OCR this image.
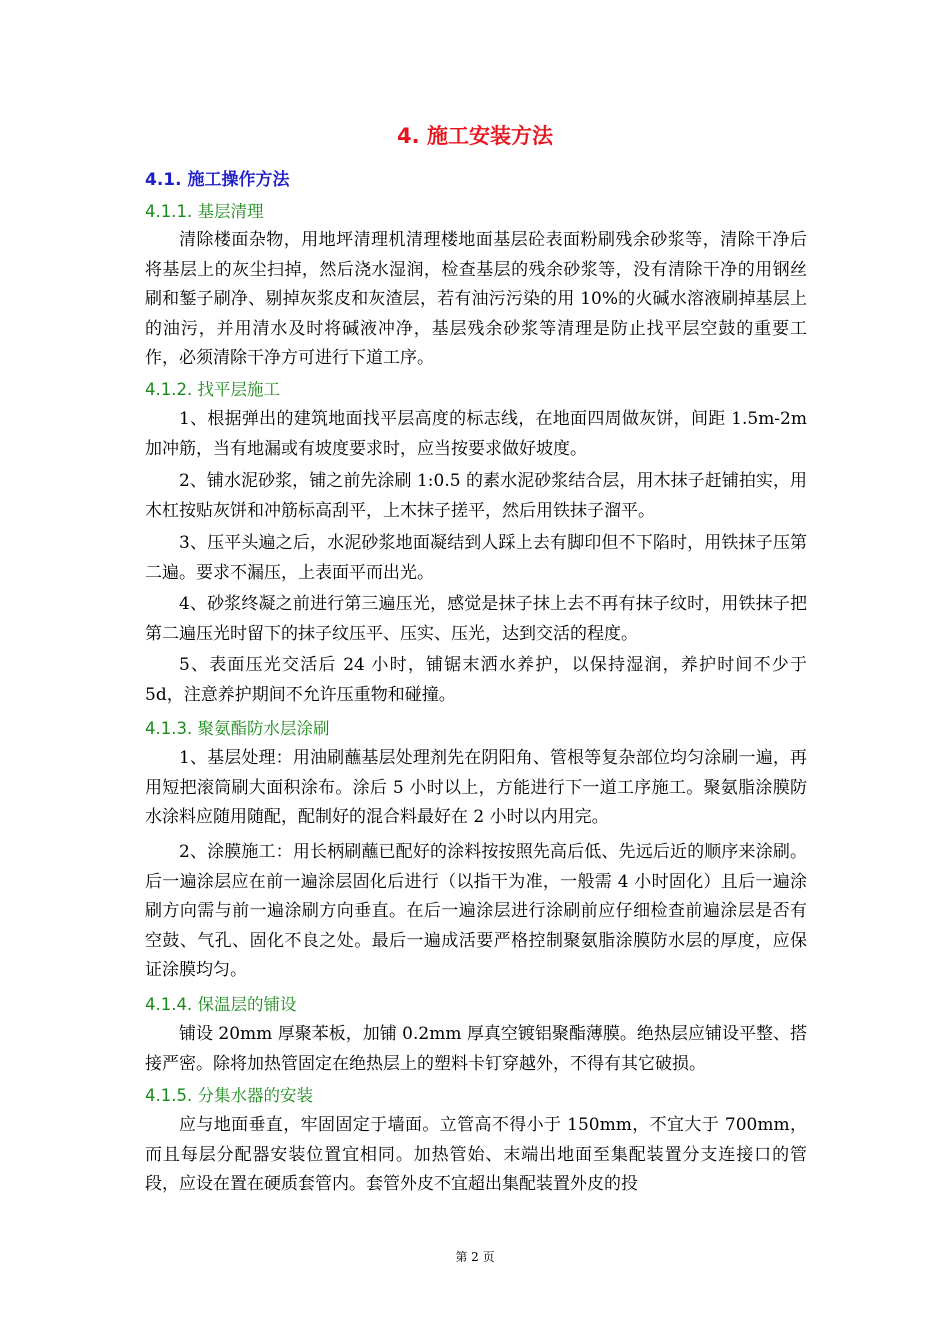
4. 施工安装方法
4.1. 施工操作方法
4.1.1. 基层清理

清除楼面杂物，用地坪清理机清理楼地面基层砼表面粉刷残余砂浆等，清除干净后将基层上的灰尘扫掉，然后浇水湿润，检查基层的残余砂浆等，没有清除干净的用钢丝刷和錾子刷净、剔掉灰浆皮和灰渣层，若有油污污染的用 10%的火碱水溶液刷掉基层上的油污，并用清水及时将碱液冲净，基层残余砂浆等清理是防止找平层空鼓的重要工作，必须清除干净方可进行下道工序。

4.1.2. 找平层施工

1、根据弹出的建筑地面找平层高度的标志线，在地面四周做灰饼，间距 1.5m-2m 加冲筋，当有地漏或有坡度要求时，应当按要求做好坡度。

2、铺水泥砂浆，铺之前先涂刷 1:0.5 的素水泥砂浆结合层，用木抹子赶铺拍实，用木杠按贴灰饼和冲筋标高刮平，上木抹子搓平，然后用铁抹子溜平。

3、压平头遍之后，水泥砂浆地面凝结到人踩上去有脚印但不下陷时，用铁抹子压第二遍。要求不漏压，上表面平而出光。

4、砂浆终凝之前进行第三遍压光，感觉是抹子抹上去不再有抹子纹时，用铁抹子把第二遍压光时留下的抹子纹压平、压实、压光，达到交活的程度。

5、表面压光交活后 24 小时，铺锯末洒水养护，以保持湿润，养护时间不少于 5d，注意养护期间不允许压重物和碰撞。

4.1.3. 聚氨酯防水层涂刷

1、基层处理：用油刷蘸基层处理剂先在阴阳角、管根等复杂部位均匀涂刷一遍，再用短把滚筒刷大面积涂布。涂后 5 小时以上，方能进行下一道工序施工。聚氨脂涂膜防水涂料应随用随配，配制好的混合料最好在 2 小时以内用完。

2、涂膜施工：用长柄刷蘸已配好的涂料按按照先高后低、先远后近的顺序来涂刷。后一遍涂层应在前一遍涂层固化后进行（以指干为准，一般需 4 小时固化）且后一遍涂刷方向需与前一遍涂刷方向垂直。在后一遍涂层进行涂刷前应仔细检查前遍涂层是否有空鼓、气孔、固化不良之处。最后一遍成活要严格控制聚氨脂涂膜防水层的厚度，应保证涂膜均匀。

4.1.4. 保温层的铺设

铺设 20mm 厚聚苯板，加铺 0.2mm 厚真空镀铝聚酯薄膜。绝热层应铺设平整、搭接严密。除将加热管固定在绝热层上的塑料卡钉穿越外，不得有其它破损。

4.1.5. 分集水器的安装

应与地面垂直，牢固固定于墙面。立管高不得小于 150mm，不宜大于 700mm，而且每层分配器安装位置宜相同。加热管始、末端出地面至集配装置分支连接口的管段，应设在置在硬质套管内。套管外皮不宜超出集配装置外皮的投

第 2 页
